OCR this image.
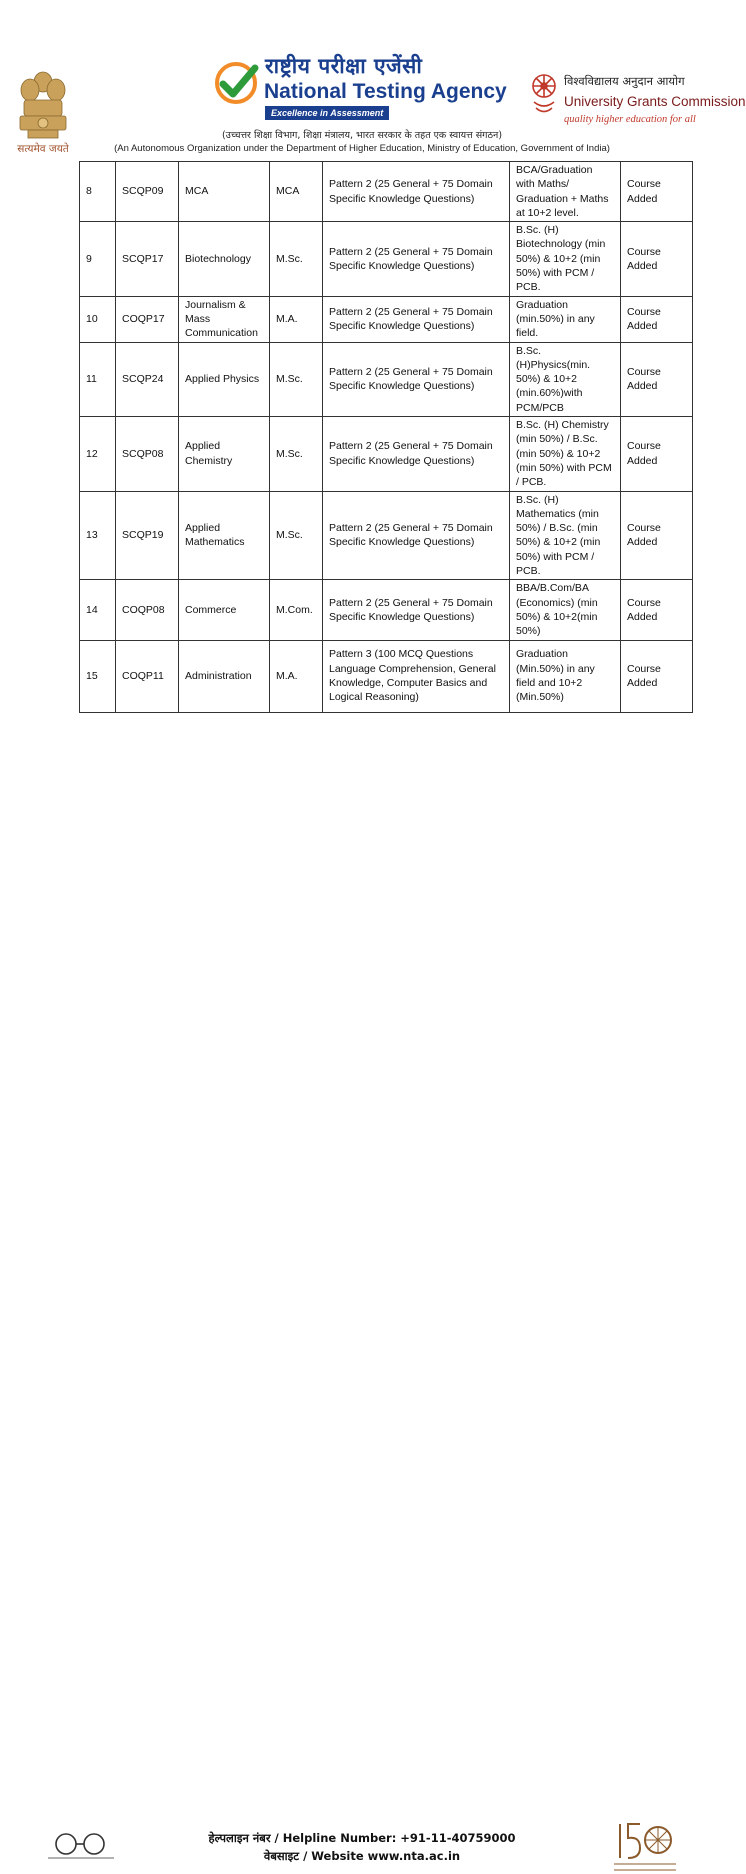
सत्यमेव जयते
राष्ट्रीय परीक्षा एजेंसी
National Testing Agency
Excellence in Assessment
विश्वविद्यालय अनुदान आयोग
University Grants Commission
quality higher education for all
(उच्चत्तर शिक्षा विभाग, शिक्षा मंत्रालय, भारत सरकार के तहत एक स्वायत्त संगठन)
(An Autonomous Organization under the Department of Higher Education, Ministry of Education, Government of India)
8	SCQP09	MCA	MCA	Pattern 2 (25 General + 75 Domain Specific Knowledge Questions)	BCA/Graduation with Maths/ Graduation + Maths at 10+2 level.	Course Added
9	SCQP17	Biotechnology	M.Sc.	Pattern 2 (25 General + 75 Domain Specific Knowledge Questions)	B.Sc. (H) Biotechnology (min 50%) & 10+2 (min 50%) with PCM / PCB.	Course Added
10	COQP17	Journalism & Mass Communication	M.A.	Pattern 2 (25 General + 75 Domain Specific Knowledge Questions)	Graduation (min.50%) in any field.	Course Added
11	SCQP24	Applied Physics	M.Sc.	Pattern 2 (25 General + 75 Domain Specific Knowledge Questions)	B.Sc.(H)Physics(min. 50%) & 10+2 (min.60%)with PCM/PCB	Course Added
12	SCQP08	Applied Chemistry	M.Sc.	Pattern 2 (25 General + 75 Domain Specific Knowledge Questions)	B.Sc. (H) Chemistry (min 50%) / B.Sc. (min 50%) & 10+2 (min 50%) with PCM / PCB.	Course Added
13	SCQP19	Applied Mathematics	M.Sc.	Pattern 2 (25 General + 75 Domain Specific Knowledge Questions)	B.Sc. (H) Mathematics (min 50%) / B.Sc. (min 50%) & 10+2 (min 50%) with PCM / PCB.	Course Added
14	COQP08	Commerce	M.Com.	Pattern 2 (25 General + 75 Domain Specific Knowledge Questions)	BBA/B.Com/BA (Economics) (min 50%) & 10+2(min 50%)	Course Added
15	COQP11	Administration	M.A.	Pattern 3 (100 MCQ Questions Language Comprehension, General Knowledge, Computer Basics and Logical Reasoning)	Graduation (Min.50%) in any field and 10+2 (Min.50%)	Course Added
हेल्पलाइन नंबर / Helpline Number: +91-11-40759000
वेबसाइट / Website www.nta.ac.in
